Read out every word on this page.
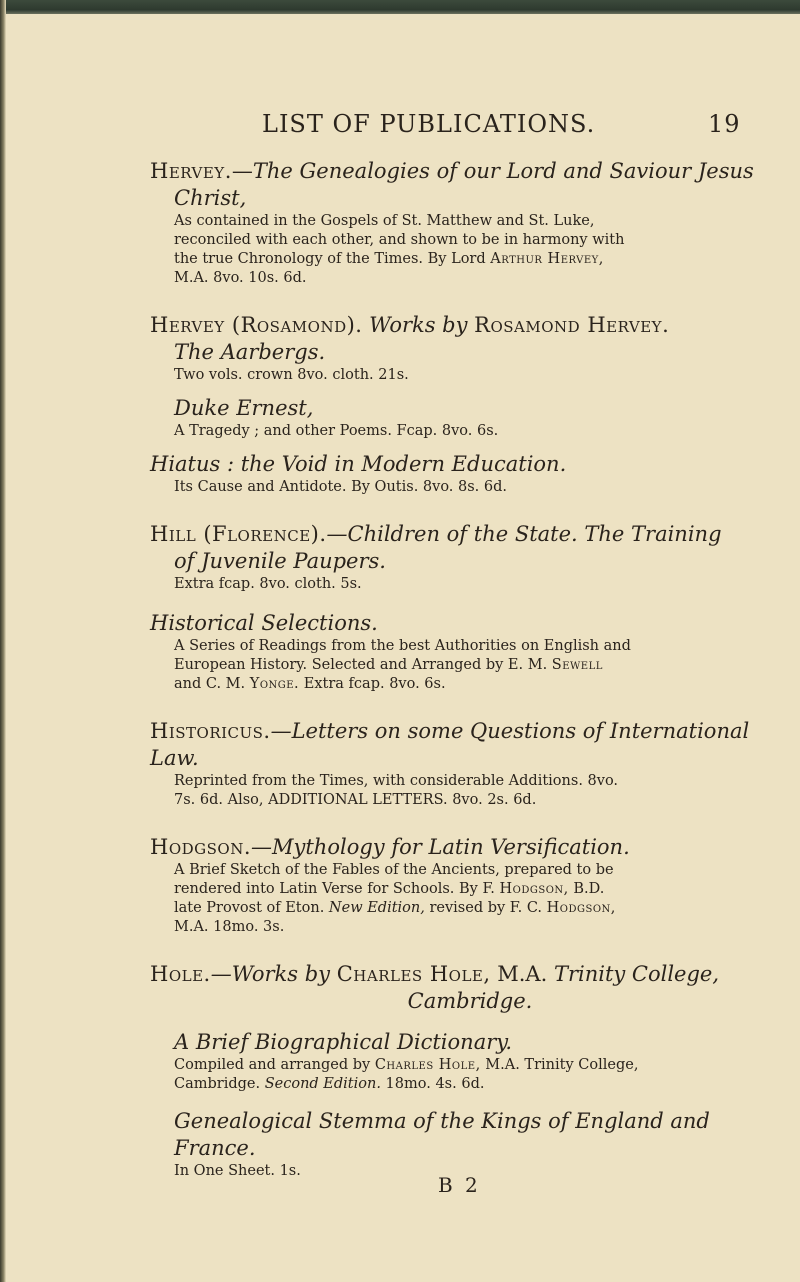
LIST OF PUBLICATIONS.	19

Hervey.—The Genealogies of our Lord and Saviour Jesus

Christ,

As contained in the Gospels of St. Matthew and St. Luke,
reconciled with each other, and shown to be in harmony with
the true Chronology of the Times. By Lord Arthur Hervey,
M.A. 8vo. 10s. 6d.

Hervey (Rosamond). Works by Rosamond Hervey.

The Aarbergs.

Two vols. crown 8vo. cloth. 21s.

Duke Ernest,

A Tragedy ; and other Poems. Fcap. 8vo. 6s.

Hiatus : the Void in Modern Education.

Its Cause and Antidote. By Outis. 8vo. 8s. 6d.

Hill (Florence).—Children of the State. The Training

of Juvenile Paupers.

Extra fcap. 8vo. cloth. 5s.

Historical Selections.

A Series of Readings from the best Authorities on English and
European History. Selected and Arranged by E. M. Sewell
and C. M. Yonge. Extra fcap. 8vo. 6s.

Historicus.—Letters on some Questions of International Law.

Reprinted from the Times, with considerable Additions. 8vo.
7s. 6d. Also, ADDITIONAL LETTERS. 8vo. 2s. 6d.

Hodgson.—Mythology for Latin Versification.

A Brief Sketch of the Fables of the Ancients, prepared to be
rendered into Latin Verse for Schools. By F. Hodgson, B.D.
late Provost of Eton. New Edition, revised by F. C. Hodgson,
M.A. 18mo. 3s.

Hole.—Works by Charles Hole, M.A. Trinity College,

Cambridge.

A Brief Biographical Dictionary.

Compiled and arranged by Charles Hole, M.A. Trinity College,
Cambridge. Second Edition. 18mo. 4s. 6d.

Genealogical Stemma of the Kings of England and

France.

In One Sheet. 1s.

B 2
